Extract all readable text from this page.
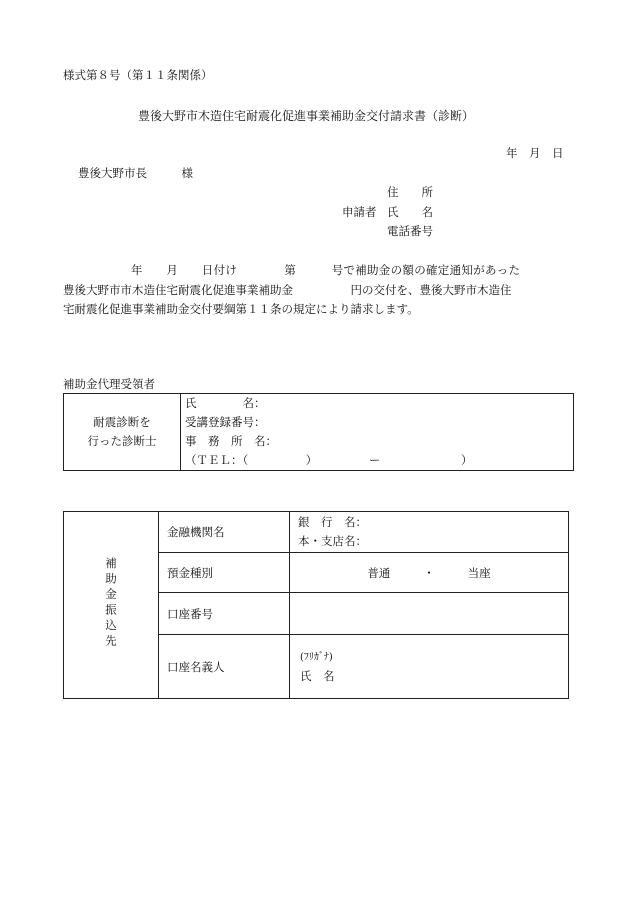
様式第８号（第１１条関係）
豊後大野市木造住宅耐震化促進事業補助金交付請求書（診断）
年　月　日
豊後大野市長　　　様
住　　所
申請者 氏　　名
電話番号
年　　月　　日付け　　　　第　　　号で補助金の額の確定通知があった
豊後大野市市木造住宅耐震化促進事業補助金　　　　　円の交付を、豊後大野市木造住
宅耐震化促進事業補助金交付要綱第１１条の規定により請求します。
補助金代理受領者
耐震診断を
行った診断士

氏　　　　名：
受講登録番号：
事　務　所　名：
（ＴＥＬ：（　　　　　）　　　　　ー　　　　　　　）
補助金振込先	金融機関名	銀　行　名：
本・支店名：

	預金種別	普通 ・ 当座
	口座番号	
	口座名義人	(ﾌﾘｶﾞﾅ)
氏　名
